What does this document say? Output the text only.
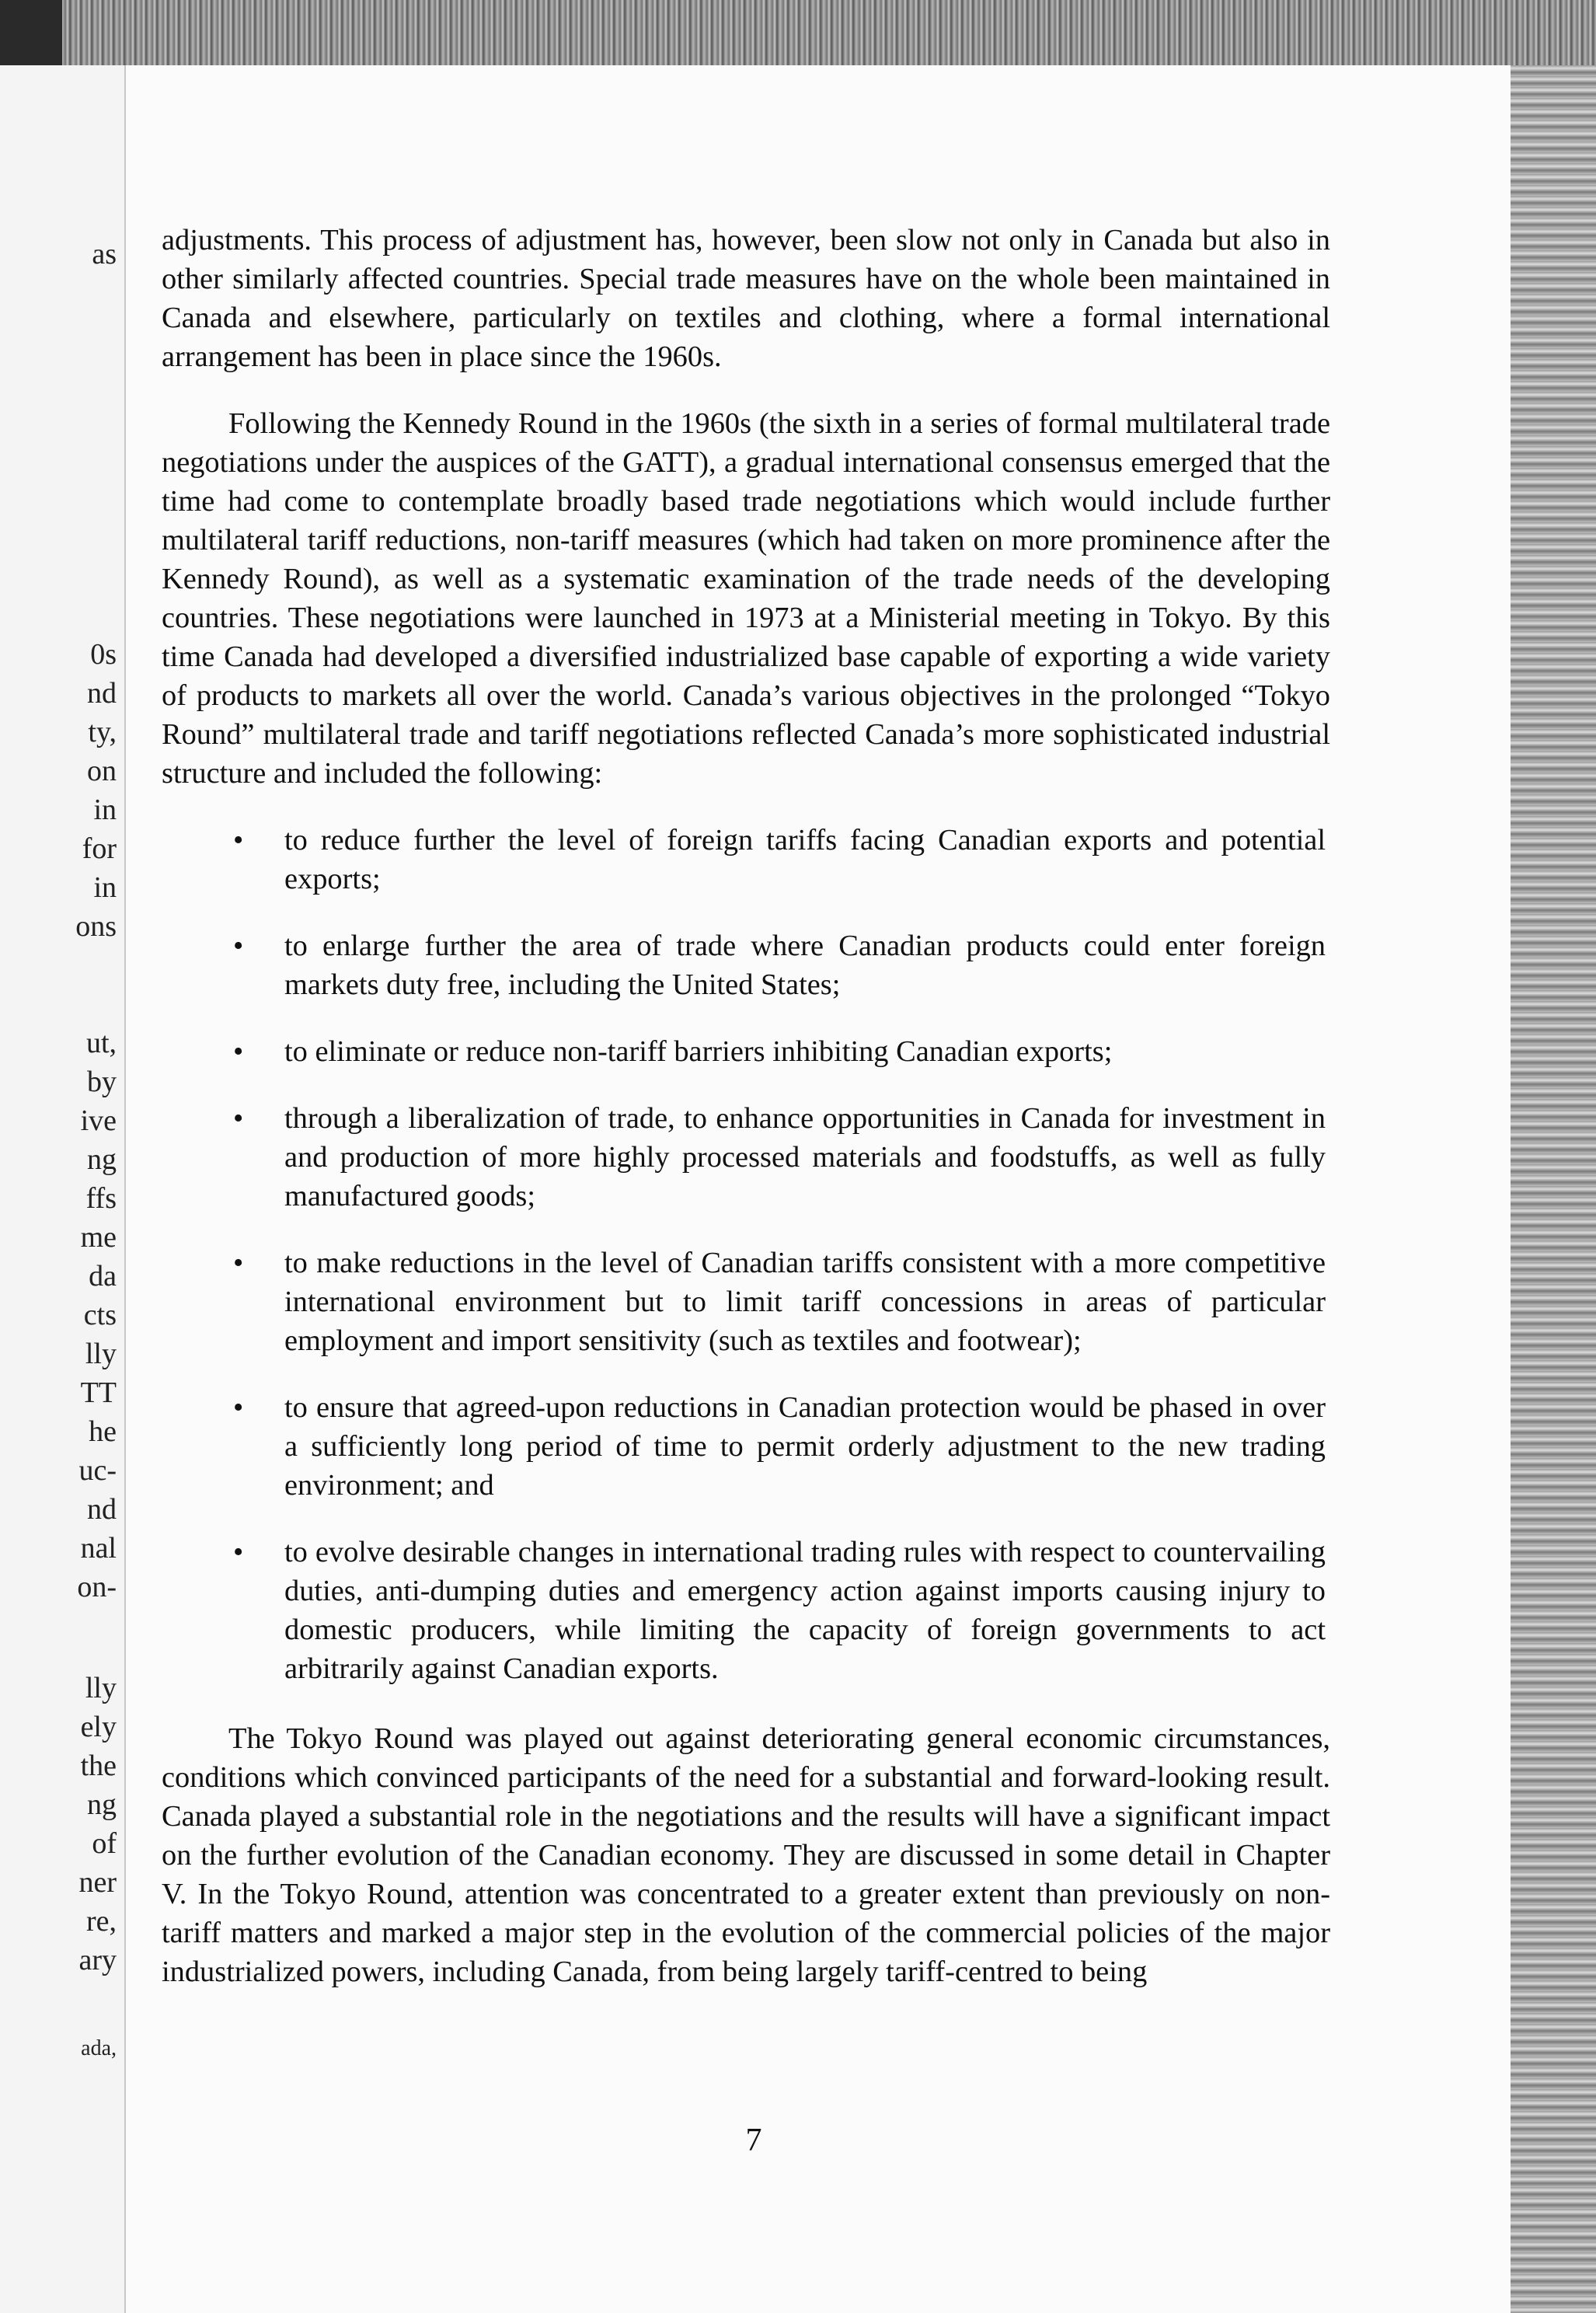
as
0s
nd
ty,
on
in
for
in
ons
ut,
by
ive
ng
ffs
me
da
cts
lly
TT
he
uc-
nd
nal
on-
lly
ely
the
ng
of
ner
re,
ary
ada,

adjustments. This process of adjustment has, however, been slow not only in Canada but also in other similarly affected countries. Special trade measures have on the whole been maintained in Canada and elsewhere, particularly on textiles and clothing, where a formal international arrangement has been in place since the 1960s.

Following the Kennedy Round in the 1960s (the sixth in a series of formal multilateral trade negotiations under the auspices of the GATT), a gradual international consensus emerged that the time had come to contemplate broadly based trade negotiations which would include further multilateral tariff reductions, non-tariff measures (which had taken on more prominence after the Kennedy Round), as well as a systematic examination of the trade needs of the developing countries. These negotiations were launched in 1973 at a Ministerial meeting in Tokyo. By this time Canada had developed a diversified industrialized base capable of exporting a wide variety of products to markets all over the world. Canada’s various objectives in the prolonged “Tokyo Round” multilateral trade and tariff negotiations reflected Canada’s more sophisticated industrial structure and included the following:

• to reduce further the level of foreign tariffs facing Canadian exports and potential exports;
• to enlarge further the area of trade where Canadian products could enter foreign markets duty free, including the United States;
• to eliminate or reduce non-tariff barriers inhibiting Canadian exports;
• through a liberalization of trade, to enhance opportunities in Canada for investment in and production of more highly processed materials and foodstuffs, as well as fully manufactured goods;
• to make reductions in the level of Canadian tariffs consistent with a more competitive international environment but to limit tariff concessions in areas of particular employment and import sensitivity (such as textiles and footwear);
• to ensure that agreed-upon reductions in Canadian protection would be phased in over a sufficiently long period of time to permit orderly adjustment to the new trading environment; and
• to evolve desirable changes in international trading rules with respect to countervailing duties, anti-dumping duties and emergency action against imports causing injury to domestic producers, while limiting the capacity of foreign governments to act arbitrarily against Canadian exports.

The Tokyo Round was played out against deteriorating general economic circumstances, conditions which convinced participants of the need for a substantial and forward-looking result. Canada played a substantial role in the negotiations and the results will have a significant impact on the further evolution of the Canadian economy. They are discussed in some detail in Chapter V. In the Tokyo Round, attention was concentrated to a greater extent than previously on non-tariff matters and marked a major step in the evolution of the commercial policies of the major industrialized powers, including Canada, from being largely tariff-centred to being

7
